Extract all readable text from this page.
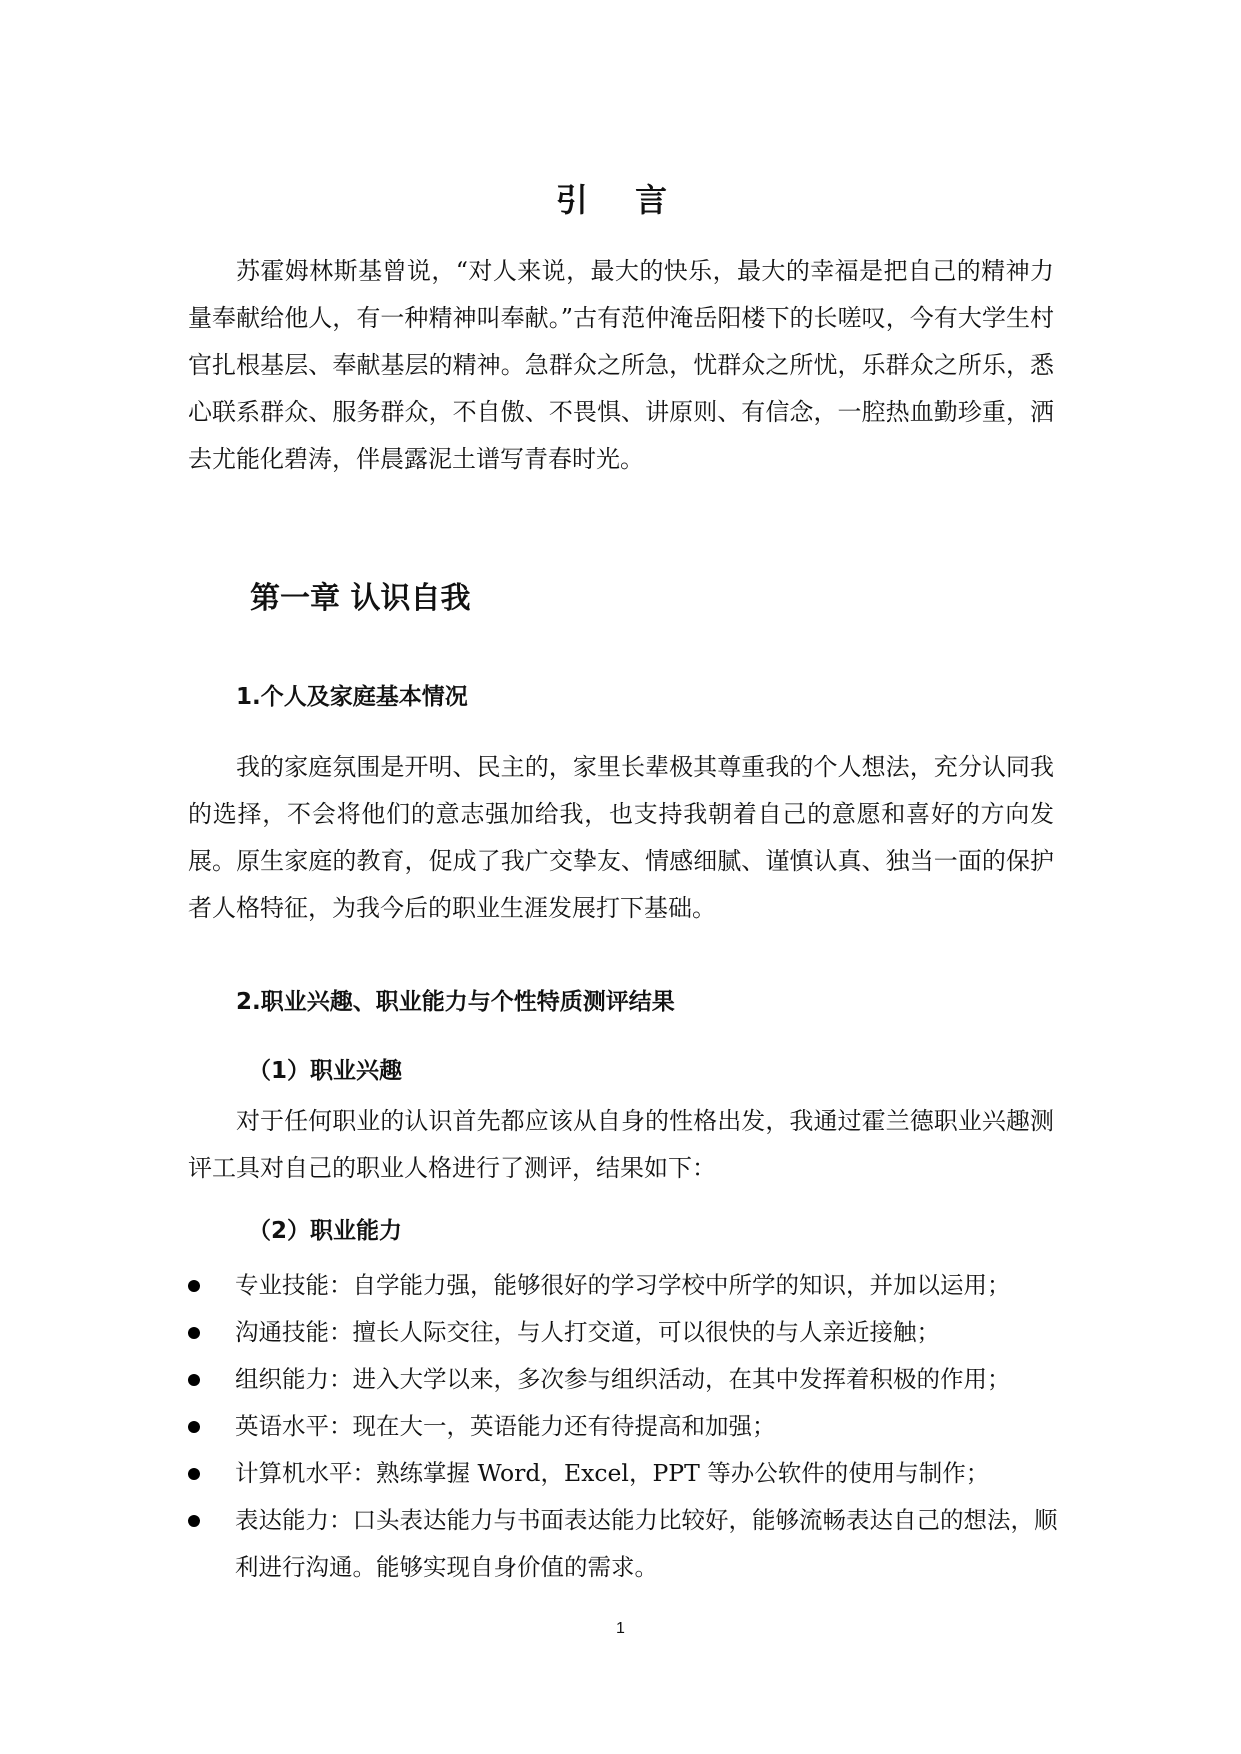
引 言

苏霍姆林斯基曾说，“对人来说，最大的快乐，最大的幸福是把自己的精神力量奉献给他人，有一种精神叫奉献。”古有范仲淹岳阳楼下的长嗟叹，今有大学生村官扎根基层、奉献基层的精神。急群众之所急，忧群众之所忧，乐群众之所乐，悉心联系群众、服务群众，不自傲、不畏惧、讲原则、有信念，一腔热血勤珍重，洒去尤能化碧涛，伴晨露泥土谱写青春时光。

第一章 认识自我
1.个人及家庭基本情况

我的家庭氛围是开明、民主的，家里长辈极其尊重我的个人想法，充分认同我的选择，不会将他们的意志强加给我，也支持我朝着自己的意愿和喜好的方向发展。原生家庭的教育，促成了我广交挚友、情感细腻、谨慎认真、独当一面的保护者人格特征，为我今后的职业生涯发展打下基础。

2.职业兴趣、职业能力与个性特质测评结果
（1）职业兴趣

对于任何职业的认识首先都应该从自身的性格出发，我通过霍兰德职业兴趣测评工具对自己的职业人格进行了测评，结果如下：

（2）职业能力
专业技能：自学能力强，能够很好的学习学校中所学的知识，并加以运用；
沟通技能：擅长人际交往，与人打交道，可以很快的与人亲近接触；
组织能力：进入大学以来，多次参与组织活动，在其中发挥着积极的作用；
英语水平：现在大一，英语能力还有待提高和加强；
计算机水平：熟练掌握 Word，Excel，PPT 等办公软件的使用与制作；
表达能力：口头表达能力与书面表达能力比较好，能够流畅表达自己的想法，顺利进行沟通。能够实现自身价值的需求。
1
